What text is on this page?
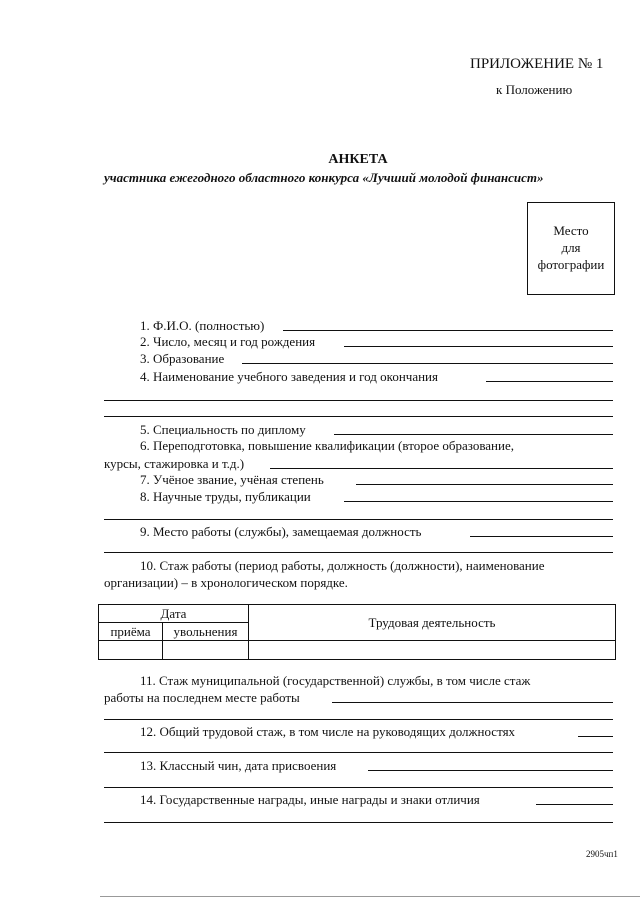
ПРИЛОЖЕНИЕ № 1
к Положению
АНКЕТА
участника ежегодного областного конкурса «Лучший молодой финансист»
Место
для
фотографии
1. Ф.И.О. (полностью)
2. Число, месяц и год рождения
3. Образование
4. Наименование учебного заведения и год окончания
5. Специальность по диплому
6. Переподготовка, повышение квалификации (второе образование,
курсы, стажировка и т.д.)
7. Учёное звание, учёная степень
8. Научные труды, публикации
9. Место работы (службы), замещаемая должность
10. Стаж работы (период работы, должность (должности), наименование
организации) – в хронологическом порядке.
Дата		Трудовая деятельность
приёма	увольнения	

11. Стаж муниципальной (государственной) службы, в том числе стаж
работы на последнем месте работы
12. Общий трудовой стаж, в том числе на руководящих должностях
13. Классный чин, дата присвоения
14. Государственные награды, иные награды и знаки отличия
2905чп1
